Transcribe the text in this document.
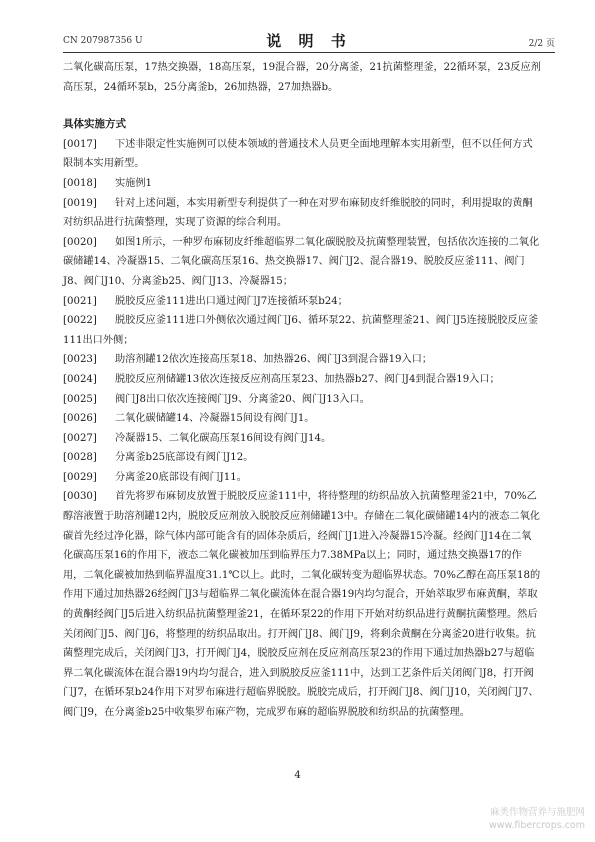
CN 207987356 U	说 明 书	2/2 页

二氧化碳高压泵，17热交换器，18高压泵，19混合器，20分离釜，21抗菌整理釜，22循环泵，23反应剂高压泵，24循环泵b，25分离釜b，26加热器，27加热器b。

具体实施方式

[0017] 下述非限定性实施例可以使本领域的普通技术人员更全面地理解本实用新型，但不以任何方式限制本实用新型。

[0018] 实施例1

[0019] 针对上述问题，本实用新型专利提供了一种在对罗布麻韧皮纤维脱胶的同时，利用提取的黄酮对纺织品进行抗菌整理，实现了资源的综合利用。

[0020] 如图1所示，一种罗布麻韧皮纤维超临界二氧化碳脱胶及抗菌整理装置，包括依次连接的二氧化碳储罐14、冷凝器15、二氧化碳高压泵16、热交换器17、阀门J2、混合器19、脱胶反应釜111、阀门J8、阀门J10、分离釜b25、阀门J13、冷凝器15；

[0021] 脱胶反应釜111进出口通过阀门J7连接循环泵b24；

[0022] 脱胶反应釜111进口外侧依次通过阀门J6、循环泵22、抗菌整理釜21、阀门J5连接脱胶反应釜111出口外侧；

[0023] 助溶剂罐12依次连接高压泵18、加热器26、阀门J3到混合器19入口；

[0024] 脱胶反应剂储罐13依次连接反应剂高压泵23、加热器b27、阀门J4到混合器19入口；

[0025] 阀门J8出口依次连接阀门J9、分离釜20、阀门J13入口。

[0026] 二氧化碳储罐14、冷凝器15间设有阀门J1。

[0027] 冷凝器15、二氧化碳高压泵16间设有阀门J14。

[0028] 分离釜b25底部设有阀门J12。

[0029] 分离釜20底部设有阀门J11。

[0030] 首先将罗布麻韧皮放置于脱胶反应釜111中，将待整理的纺织品放入抗菌整理釜21中，70%乙醇溶液置于助溶剂罐12内，脱胶反应剂放入脱胶反应剂储罐13中。存储在二氧化碳储罐14内的液态二氧化碳首先经过净化器，除气体内部可能含有的固体杂质后，经阀门J1进入冷凝器15冷凝。经阀门J14在二氧化碳高压泵16的作用下，液态二氧化碳被加压到临界压力7.38MPa以上；同时，通过热交换器17的作用，二氧化碳被加热到临界温度31.1℃以上。此时，二氧化碳转变为超临界状态。70%乙醇在高压泵18的作用下通过加热器26经阀门J3与超临界二氧化碳流体在混合器19内均匀混合，开始萃取罗布麻黄酮，萃取的黄酮经阀门J5后进入纺织品抗菌整理釜21，在循环泵22的作用下开始对纺织品进行黄酮抗菌整理。然后关闭阀门J5、阀门J6，将整理的纺织品取出。打开阀门J8、阀门J9，将剩余黄酮在分离釜20进行收集。抗菌整理完成后，关闭阀门J3，打开阀门J4，脱胶反应剂在反应剂高压泵23的作用下通过加热器b27与超临界二氧化碳流体在混合器19内均匀混合，进入到脱胶反应釜111中，达到工艺条件后关闭阀门J8，打开阀门J7，在循环泵b24作用下对罗布麻进行超临界脱胶。脱胶完成后，打开阀门J8、阀门J10，关闭阀门J7、阀门J9，在分离釜b25中收集罗布麻产物，完成罗布麻的超临界脱胶和纺织品的抗菌整理。

4
麻类作物营养与施肥网
www.fibercrops.com
